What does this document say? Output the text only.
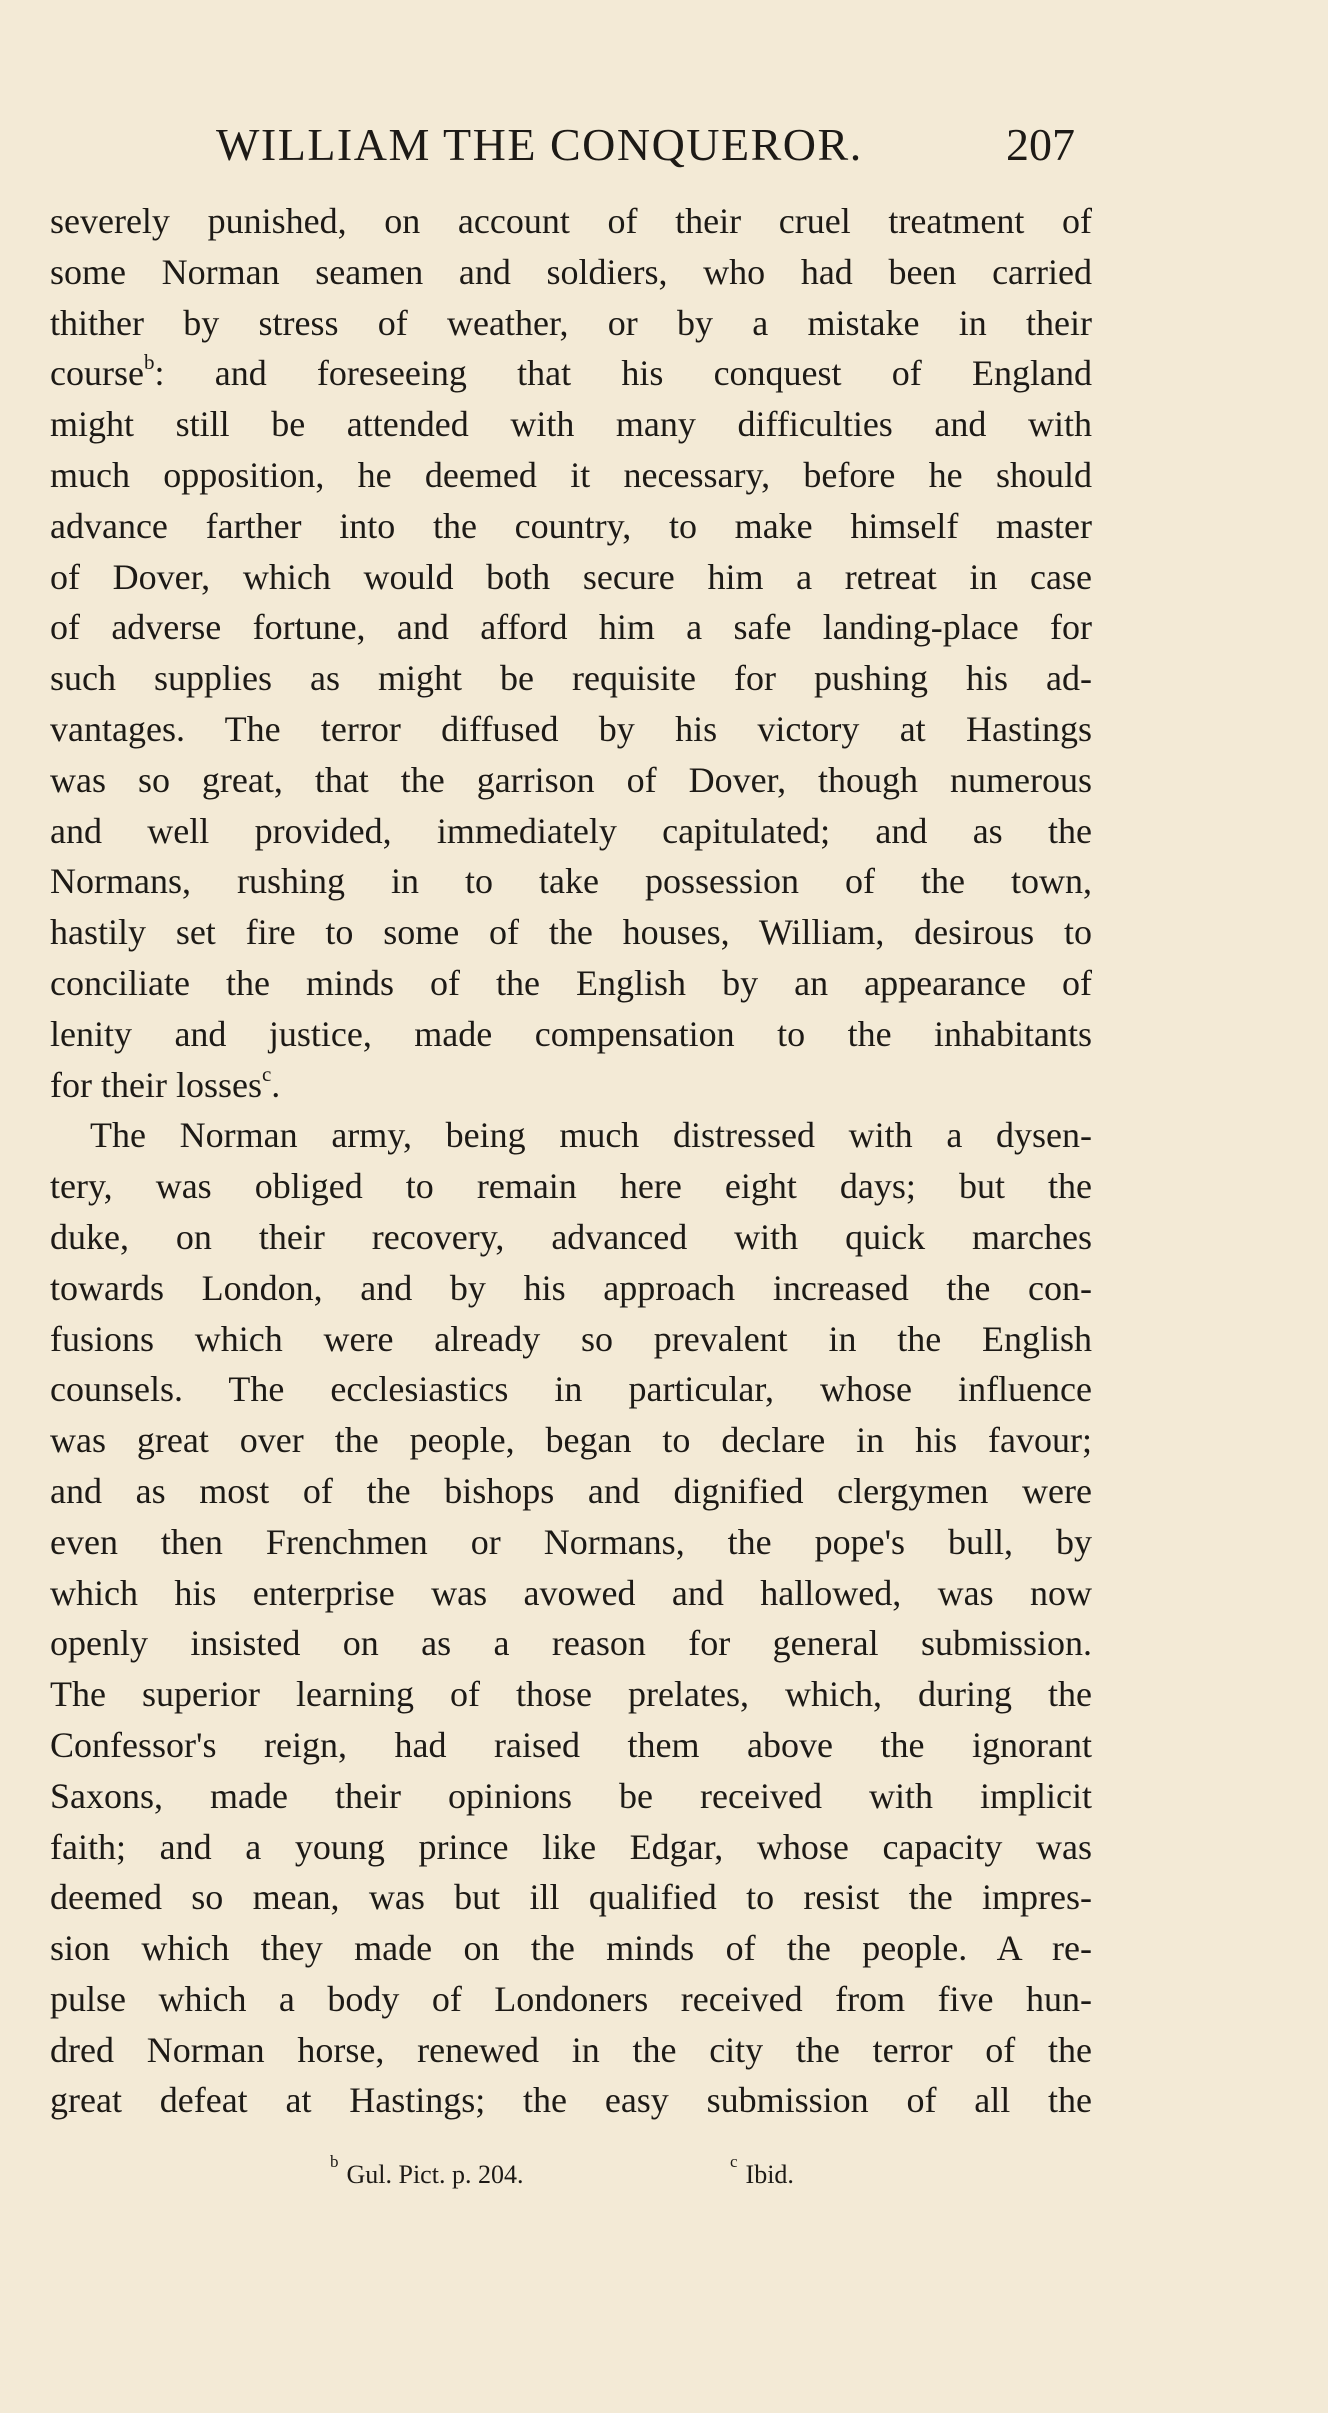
WILLIAM THE CONQUEROR.	207
severely punished, on account of their cruel treatment of
some Norman seamen and soldiers, who had been carried
thither by stress of weather, or by a mistake in their
course$^b$: and foreseeing that his conquest of England
might still be attended with many difficulties and with
much opposition, he deemed it necessary, before he should
advance farther into the country, to make himself master
of Dover, which would both secure him a retreat in case
of adverse fortune, and afford him a safe landing-place for
such supplies as might be requisite for pushing his ad-
vantages. The terror diffused by his victory at Hastings
was so great, that the garrison of Dover, though numerous
and well provided, immediately capitulated; and as the
Normans, rushing in to take possession of the town,
hastily set fire to some of the houses, William, desirous to
conciliate the minds of the English by an appearance of
lenity and justice, made compensation to the inhabitants
for their losses$^c$.
The Norman army, being much distressed with a dysen-
tery, was obliged to remain here eight days; but the
duke, on their recovery, advanced with quick marches
towards London, and by his approach increased the con-
fusions which were already so prevalent in the English
counsels. The ecclesiastics in particular, whose influence
was great over the people, began to declare in his favour;
and as most of the bishops and dignified clergymen were
even then Frenchmen or Normans, the pope's bull, by
which his enterprise was avowed and hallowed, was now
openly insisted on as a reason for general submission.
The superior learning of those prelates, which, during the
Confessor's reign, had raised them above the ignorant
Saxons, made their opinions be received with implicit
faith; and a young prince like Edgar, whose capacity was
deemed so mean, was but ill qualified to resist the impres-
sion which they made on the minds of the people. A re-
pulse which a body of Londoners received from five hun-
dred Norman horse, renewed in the city the terror of the
great defeat at Hastings; the easy submission of all the
$^b$ Gul. Pict. p. 204.	$^c$ Ibid.
